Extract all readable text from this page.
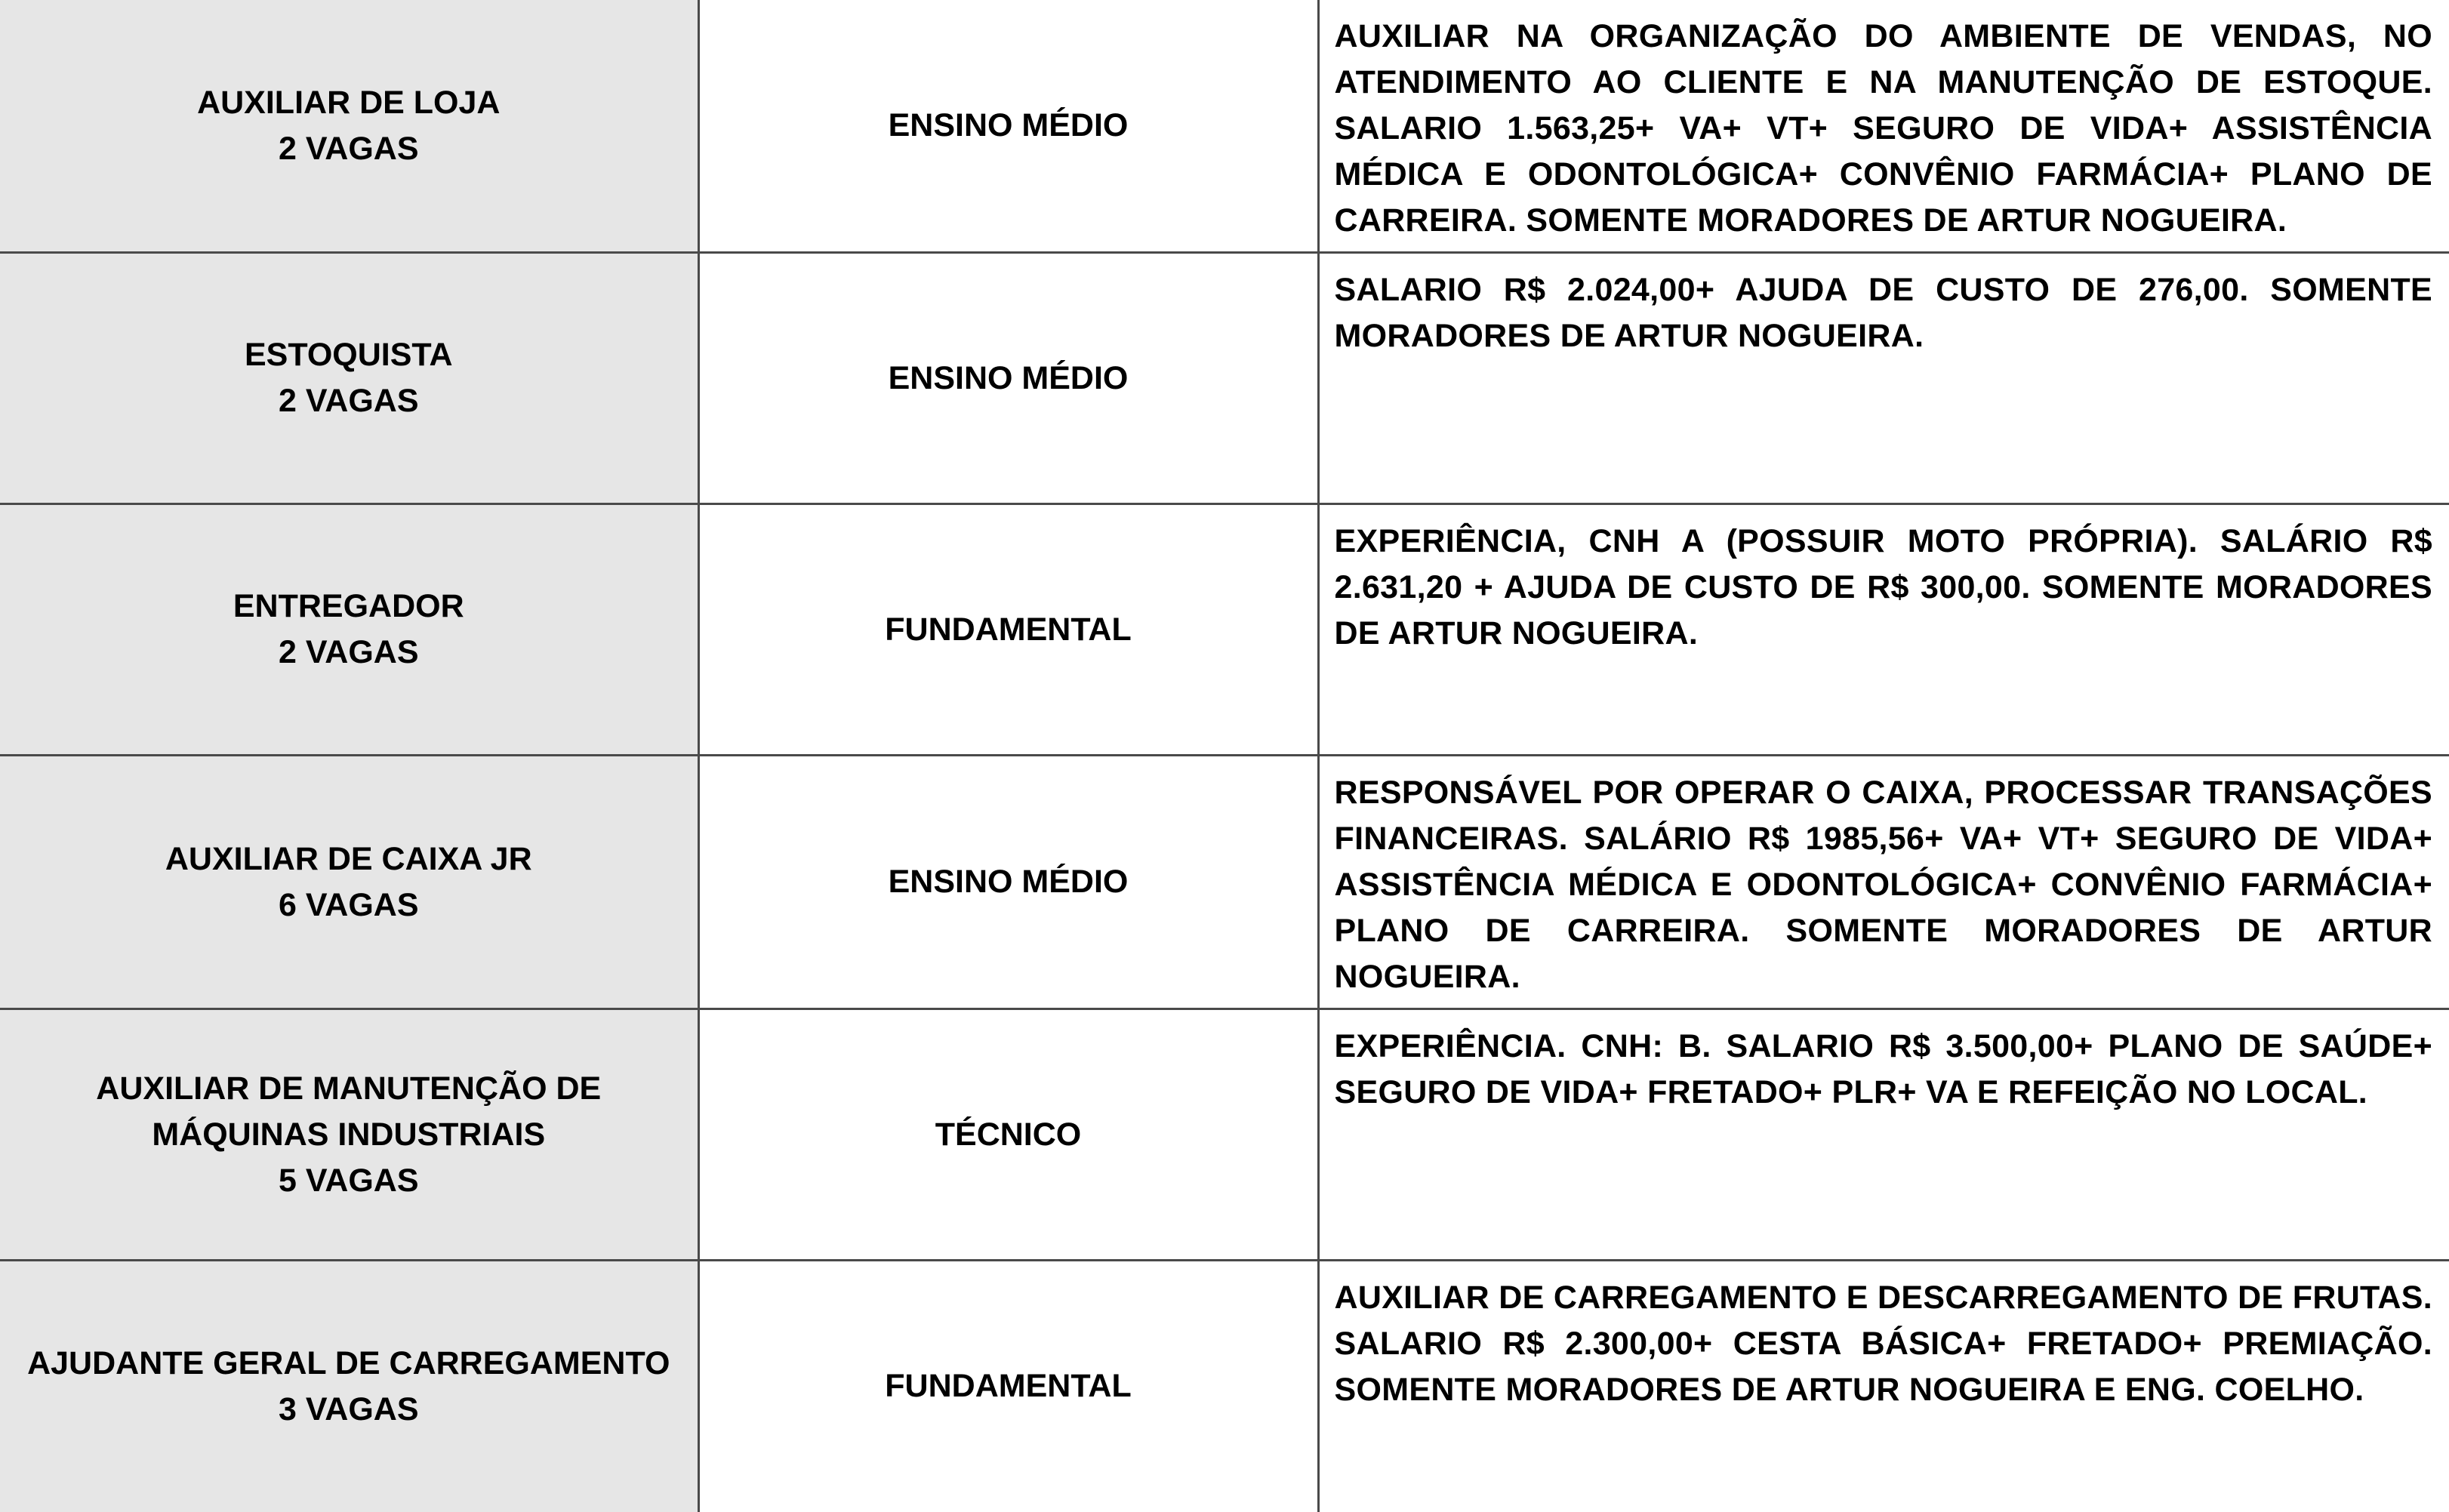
AUXILIAR DE LOJA
2 VAGAS	ENSINO MÉDIO	AUXILIAR NA ORGANIZAÇÃO DO AMBIENTE DE VENDAS, NO ATENDIMENTO AO CLIENTE E NA MANUTENÇÃO DE ESTOQUE. SALARIO 1.563,25+ VA+ VT+ SEGURO DE VIDA+ ASSISTÊNCIA MÉDICA E ODONTOLÓGICA+ CONVÊNIO FARMÁCIA+ PLANO DE CARREIRA. SOMENTE MORADORES DE ARTUR NOGUEIRA.

ESTOQUISTA
2 VAGAS	ENSINO MÉDIO	SALARIO R$ 2.024,00+ AJUDA DE CUSTO DE 276,00. SOMENTE MORADORES DE ARTUR NOGUEIRA.

ENTREGADOR
2 VAGAS	FUNDAMENTAL	EXPERIÊNCIA, CNH A (POSSUIR MOTO PRÓPRIA). SALÁRIO R$ 2.631,20 + AJUDA DE CUSTO DE R$ 300,00. SOMENTE MORADORES DE ARTUR NOGUEIRA.

AUXILIAR DE CAIXA JR
6 VAGAS	ENSINO MÉDIO	RESPONSÁVEL POR OPERAR O CAIXA, PROCESSAR TRANSAÇÕES FINANCEIRAS. SALÁRIO R$ 1985,56+ VA+ VT+ SEGURO DE VIDA+ ASSISTÊNCIA MÉDICA E ODONTOLÓGICA+ CONVÊNIO FARMÁCIA+ PLANO DE CARREIRA. SOMENTE MORADORES DE ARTUR NOGUEIRA.

AUXILIAR DE MANUTENÇÃO DE
MÁQUINAS INDUSTRIAIS
5 VAGAS	TÉCNICO	EXPERIÊNCIA. CNH: B. SALARIO R$ 3.500,00+ PLANO DE SAÚDE+ SEGURO DE VIDA+ FRETADO+ PLR+ VA E REFEIÇÃO NO LOCAL.

AJUDANTE GERAL DE CARREGAMENTO
3 VAGAS	FUNDAMENTAL	AUXILIAR DE CARREGAMENTO E DESCARREGAMENTO DE FRUTAS. SALARIO R$ 2.300,00+ CESTA BÁSICA+ FRETADO+ PREMIAÇÃO. SOMENTE MORADORES DE ARTUR NOGUEIRA E ENG. COELHO.
